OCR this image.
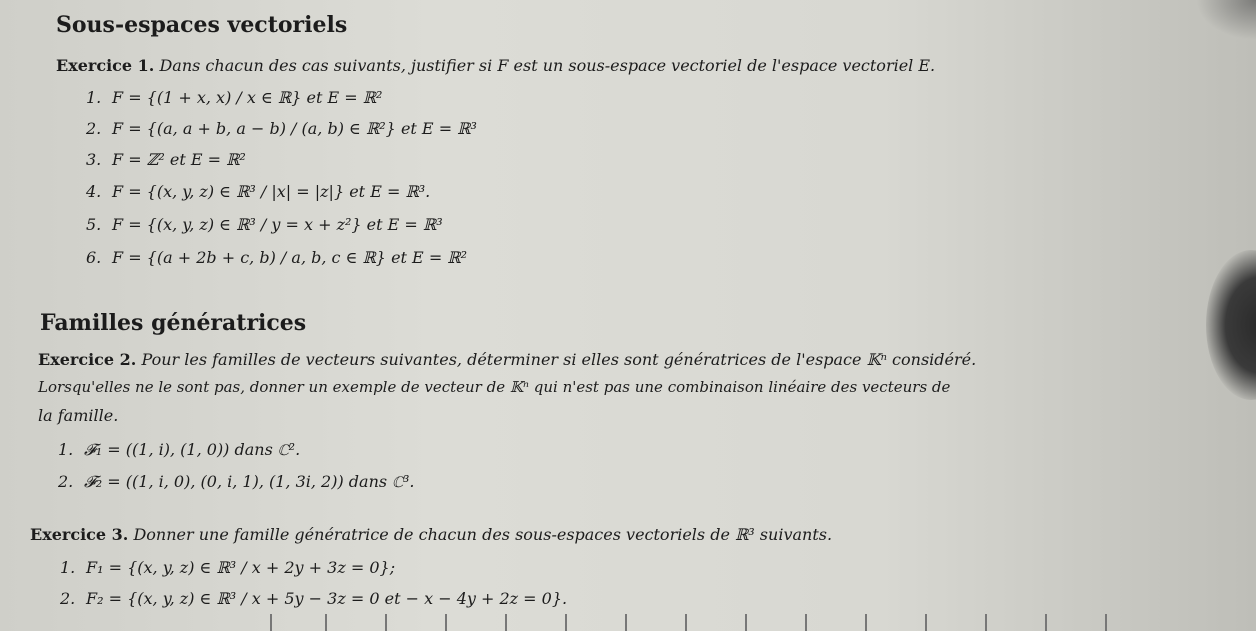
Sous-espaces vectoriels
Exercice 1. Dans chacun des cas suivants, justifier si F est un sous-espace vectoriel de l'espace vectoriel E.
1. F = {(1 + x, x) / x ∈ ℝ} et E = ℝ²
2. F = {(a, a + b, a − b) / (a, b) ∈ ℝ²} et E = ℝ³
3. F = ℤ² et E = ℝ²
4. F = {(x, y, z) ∈ ℝ³ / |x| = |z|} et E = ℝ³.
5. F = {(x, y, z) ∈ ℝ³ / y = x + z²} et E = ℝ³
6. F = {(a + 2b + c, b) / a, b, c ∈ ℝ} et E = ℝ²
Familles génératrices
Exercice 2. Pour les familles de vecteurs suivantes, déterminer si elles sont génératrices de l'espace 𝕂ⁿ considéré.
Lorsqu'elles ne le sont pas, donner un exemple de vecteur de 𝕂ⁿ qui n'est pas une combinaison linéaire des vecteurs de
la famille.
1. 𝓕₁ = ((1, i), (1, 0)) dans ℂ².
2. 𝓕₂ = ((1, i, 0), (0, i, 1), (1, 3i, 2)) dans ℂ³.
Exercice 3. Donner une famille génératrice de chacun des sous-espaces vectoriels de ℝ³ suivants.
1. F₁ = {(x, y, z) ∈ ℝ³ / x + 2y + 3z = 0};
2. F₂ = {(x, y, z) ∈ ℝ³ / x + 5y − 3z = 0 et − x − 4y + 2z = 0}.
